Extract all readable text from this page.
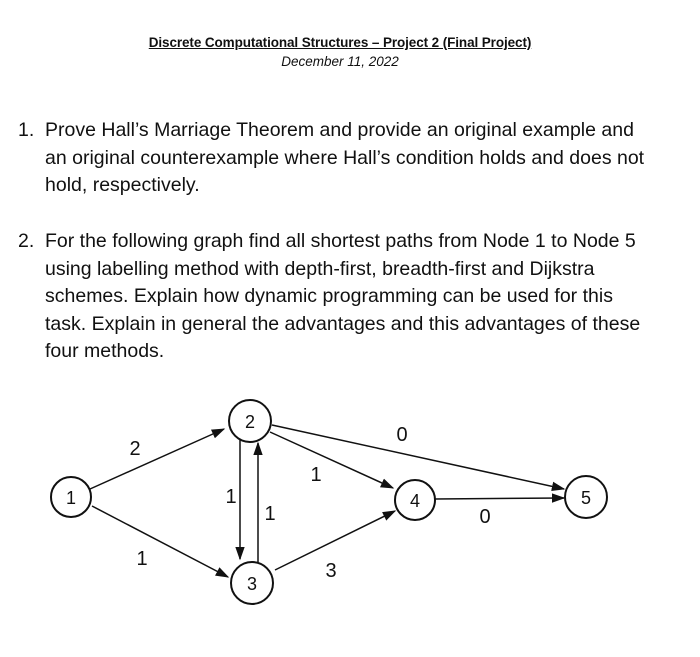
Discrete Computational Structures – Project 2 (Final Project)
December 11, 2022
1. Prove Hall’s Marriage Theorem and provide an original example and an original counterexample where Hall’s condition holds and does not hold, respectively.
2. For the following graph find all shortest paths from Node 1 to Node 5 using labelling method with depth-first, breadth-first and Dijkstra schemes. Explain how dynamic programming can be used for this task. Explain in general the advantages and this advantages of these four methods.
2
1
1
1
1
0
3
0
1
2
3
4	5
